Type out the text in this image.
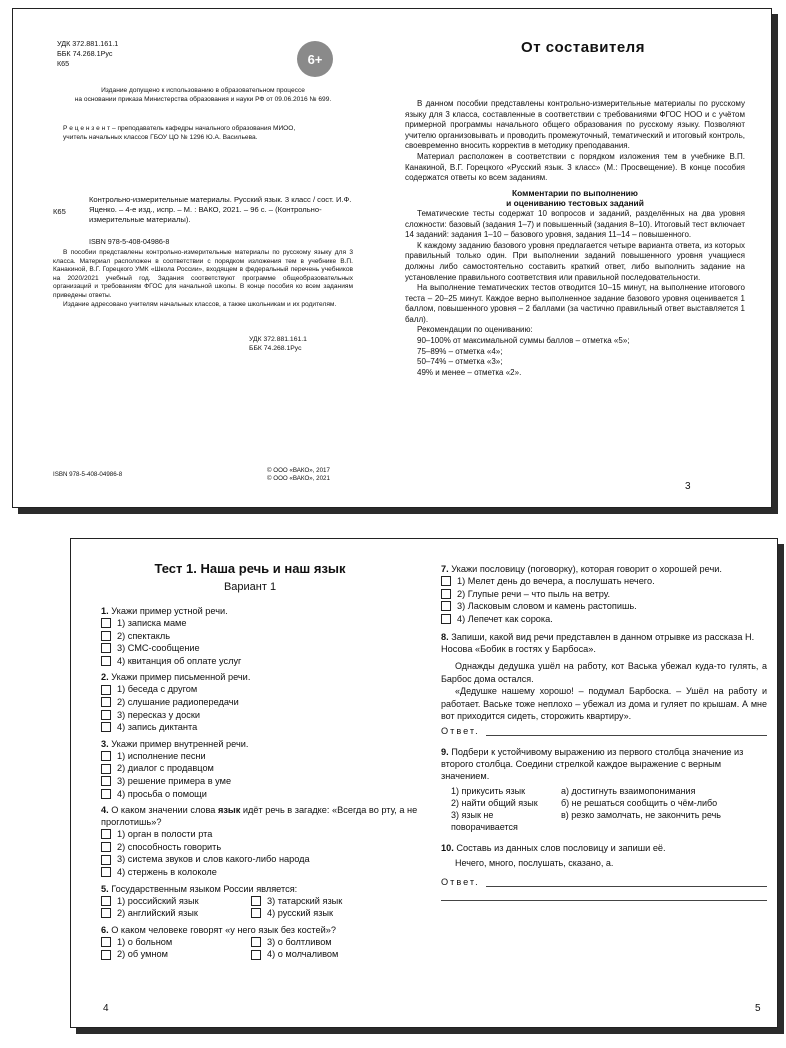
УДК 372.881.161.1
ББК 74.268.1Рус
К65	6+
Издание допущено к использованию в образовательном процессе
на основании приказа Министерства образования и науки РФ от 09.06.2016 № 699.
Р е ц е н з е н т – преподаватель кафедры начального образования МИОО,
учитель начальных классов ГБОУ ЦО № 1296 Ю.А. Васильева.
К65
Контрольно-измерительные материалы. Русский язык. 3 класс / сост. И.Ф. Яценко. – 4-е изд., испр. – М. : ВАКО, 2021. – 96 с. – (Контрольно-измерительные материалы).
ISBN 978-5-408-04986-8
В пособии представлены контрольно-измерительные материалы по русскому языку для 3 класса. Материал расположен в соответствии с порядком изложения тем в учебнике В.П. Канакиной, В.Г. Горецкого УМК «Школа России», входящем в федеральный перечень учебников на 2020/2021 учебный год. Задания соответствуют программе общеобразовательных организаций и требованиям ФГОС для начальной школы. В конце пособия ко всем заданиям приведены ответы.
Издание адресовано учителям начальных классов, а также школьникам и их родителям.
УДК 372.881.161.1
ББК 74.268.1Рус
ISBN 978-5-408-04986-8
© ООО «ВАКО», 2017
© ООО «ВАКО», 2021
От составителя

В данном пособии представлены контрольно-измерительные материалы по русскому языку для 3 класса, составленные в соответствии с требованиями ФГОС НОО и с учётом примерной программы начального общего образования по русскому языку. Позволяют учителю организовывать и проводить промежуточный, тематический и итоговый контроль, своевременно вносить корректив в методику преподавания.

Материал расположен в соответствии с порядком изложения тем в учебнике В.П. Канакиной, В.Г. Горецкого «Русский язык. 3 класс» (М.: Просвещение). В конце пособия содержатся ответы ко всем заданиям.

Комментарии по выполнению
и оцениванию тестовых заданий

Тематические тесты содержат 10 вопросов и заданий, разделённых на два уровня сложности: базовый (задания 1–7) и повышенный (задания 8–10). Итоговый тест включает 14 заданий: задания 1–10 – базового уровня, задания 11–14 – повышенного.

К каждому заданию базового уровня предлагается четыре варианта ответа, из которых правильный только один. При выполнении заданий повышенного уровня учащиеся должны либо самостоятельно составить краткий ответ, либо выполнить задание на установление правильного соответствия или правильной последовательности.

На выполнение тематических тестов отводится 10–15 минут, на выполнение итогового теста – 20–25 минут. Каждое верно выполненное задание базового уровня оценивается 1 баллом, повышенного уровня – 2 баллами (за частично правильный ответ выставляется 1 балл).

Рекомендации по оцениванию:

90–100% от максимальной суммы баллов – отметка «5»;
75–89% – отметка «4»;
50–74% – отметка «3»;
49% и менее – отметка «2».
3
Тест 1. Наша речь и наш язык
Вариант 1
1. Укажи пример устной речи.
1) записка маме
2) спектакль
3) СМС-сообщение
4) квитанция об оплате услуг
2. Укажи пример письменной речи.
1) беседа с другом
2) слушание радиопередачи
3) пересказ у доски
4) запись диктанта
3. Укажи пример внутренней речи.
1) исполнение песни
2) диалог с продавцом
3) решение примера в уме
4) просьба о помощи
4. О каком значении слова язык идёт речь в загадке: «Всегда во рту, а не проглотишь»?
1) орган в полости рта
2) способность говорить
3) система звуков и слов какого-либо народа
4) стержень в колоколе
5. Государственным языком России является:
1) российский язык
2) английский язык
3) татарский язык
4) русский язык
6. О каком человеке говорят «у него язык без костей»?
1) о больном
2) об умном
3) о болтливом
4) о молчаливом
4
7. Укажи пословицу (поговорку), которая говорит о хорошей речи.
1) Мелет день до вечера, а послушать нечего.
2) Глупые речи – что пыль на ветру.
3) Ласковым словом и камень растопишь.
4) Лепечет как сорока.
8. Запиши, какой вид речи представлен в данном отрывке из рассказа Н. Носова «Бобик в гостях у Барбоса».

Однажды дедушка ушёл на работу, кот Васька убежал куда-то гулять, а Барбос дома остался.

«Дедушке нашему хорошо! – подумал Барбоска. – Ушёл на работу и работает. Ваське тоже неплохо – убежал из дома и гуляет по крышам. А мне вот приходится сидеть, сторожить квартиру».

Ответ.
9. Подбери к устойчивому выражению из первого столбца значение из второго столбца. Соедини стрелкой каждое выражение с верным значением.
1) прикусить язык
2) найти общий язык
3) язык не поворачивается
а) достигнуть взаимопонимания
б) не решаться сообщить о чём-либо
в) резко замолчать, не закончить речь
10. Составь из данных слов пословицу и запиши её.

Нечего, много, послушать, сказано, а.

Ответ.
5
